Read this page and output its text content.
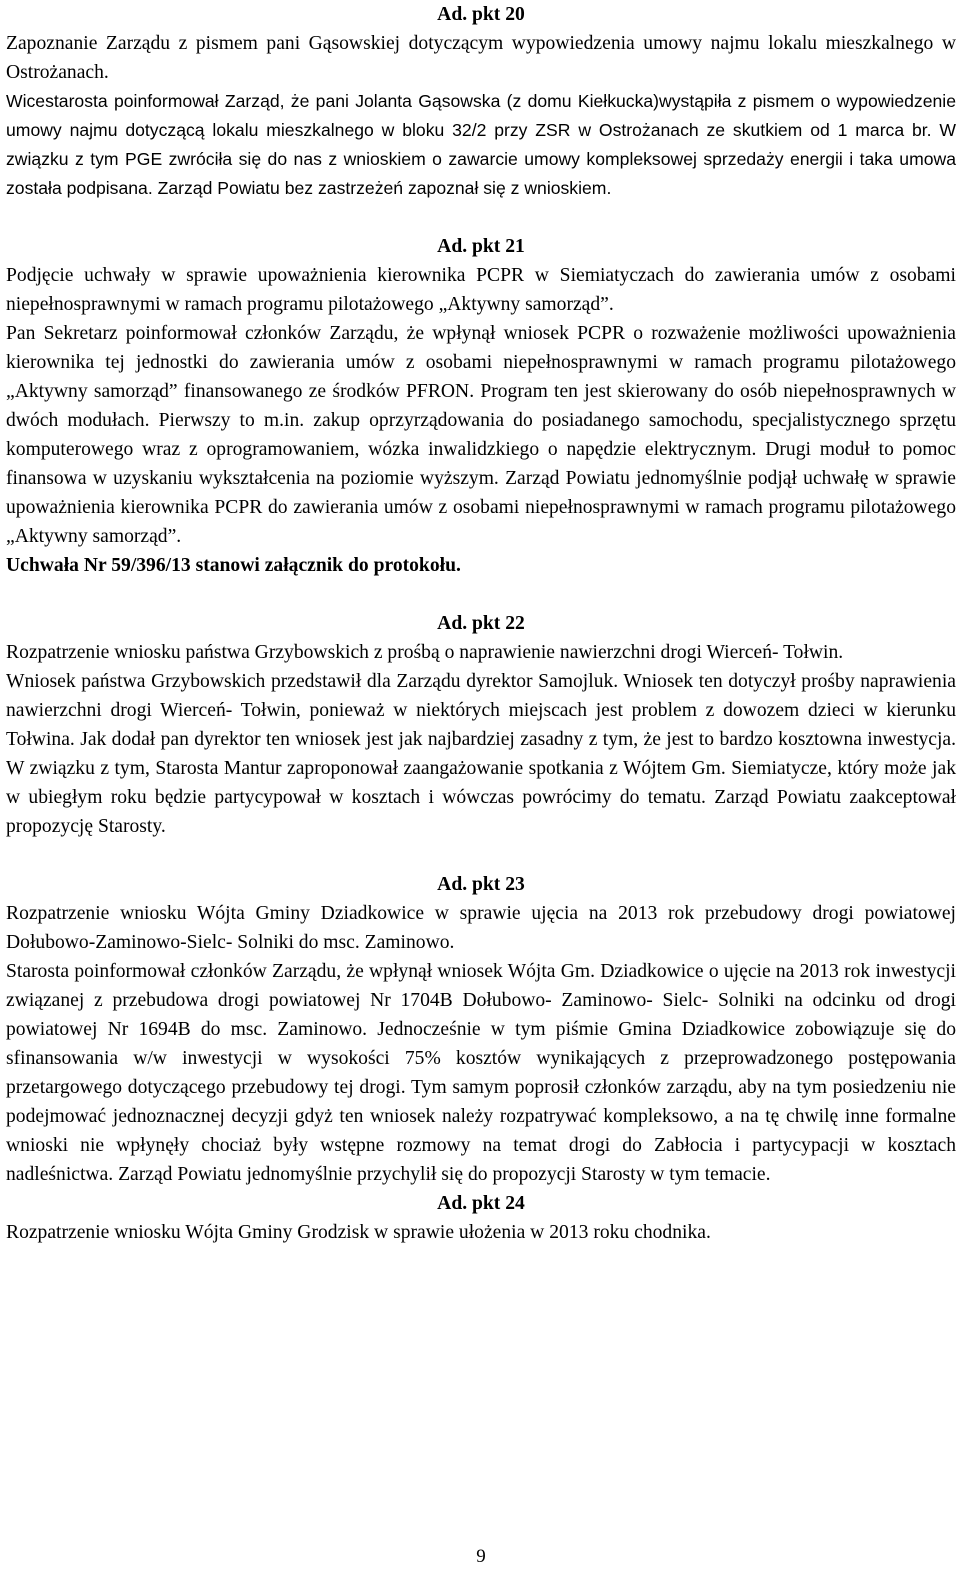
Ad. pkt 20

Zapoznanie Zarządu z pismem pani Gąsowskiej dotyczącym wypowiedzenia umowy najmu lokalu mieszkalnego w Ostrożanach.

Wicestarosta poinformował Zarząd, że pani Jolanta Gąsowska (z domu Kiełkucka)wystąpiła z pismem o wypowiedzenie umowy najmu dotyczącą lokalu mieszkalnego w bloku 32/2 przy ZSR w Ostrożanach ze skutkiem od 1 marca br. W związku z tym PGE zwróciła się do nas z wnioskiem o zawarcie umowy kompleksowej sprzedaży energii i taka umowa została podpisana. Zarząd Powiatu bez zastrzeżeń zapoznał się z wnioskiem.

Ad. pkt 21

Podjęcie uchwały w sprawie upoważnienia kierownika PCPR w Siemiatyczach do zawierania umów z osobami niepełnosprawnymi w ramach programu pilotażowego „Aktywny samorząd”.

Pan Sekretarz poinformował członków Zarządu, że wpłynął wniosek PCPR o rozważenie możliwości upoważnienia kierownika tej jednostki do zawierania umów z osobami niepełnosprawnymi w ramach programu pilotażowego „Aktywny samorząd” finansowanego ze środków PFRON. Program ten jest skierowany do osób niepełnosprawnych w dwóch modułach. Pierwszy to m.in. zakup oprzyrządowania do posiadanego samochodu, specjalistycznego sprzętu komputerowego wraz z oprogramowaniem, wózka inwalidzkiego o napędzie elektrycznym. Drugi moduł to pomoc finansowa w uzyskaniu wykształcenia na poziomie wyższym. Zarząd Powiatu jednomyślnie podjął uchwałę w sprawie upoważnienia kierownika PCPR do zawierania umów z osobami niepełnosprawnymi w ramach programu pilotażowego „Aktywny samorząd”.

Uchwała Nr 59/396/13 stanowi załącznik do protokołu.

Ad. pkt 22

Rozpatrzenie wniosku państwa Grzybowskich z prośbą o naprawienie nawierzchni drogi Wierceń- Tołwin.

Wniosek państwa Grzybowskich przedstawił dla Zarządu dyrektor Samojluk. Wniosek ten dotyczył prośby naprawienia nawierzchni drogi Wierceń- Tołwin, ponieważ w niektórych miejscach jest problem z dowozem dzieci w kierunku Tołwina. Jak dodał pan dyrektor ten wniosek jest jak najbardziej zasadny z tym, że jest to bardzo kosztowna inwestycja. W związku z tym, Starosta Mantur zaproponował zaangażowanie spotkania z Wójtem Gm. Siemiatycze, który może jak w ubiegłym roku będzie partycypował w kosztach i wówczas powrócimy do tematu. Zarząd Powiatu zaakceptował propozycję Starosty.

Ad. pkt 23

Rozpatrzenie wniosku Wójta Gminy Dziadkowice w sprawie ujęcia na 2013 rok przebudowy drogi powiatowej Dołubowo-Zaminowo-Sielc- Solniki do msc. Zaminowo.

Starosta poinformował członków Zarządu, że wpłynął wniosek Wójta Gm. Dziadkowice o ujęcie na 2013 rok inwestycji związanej z przebudowa drogi powiatowej Nr 1704B Dołubowo- Zaminowo- Sielc- Solniki na odcinku od drogi powiatowej Nr 1694B do msc. Zaminowo. Jednocześnie w tym piśmie Gmina Dziadkowice zobowiązuje się do sfinansowania w/w inwestycji w wysokości 75% kosztów wynikających z przeprowadzonego postępowania przetargowego dotyczącego przebudowy tej drogi. Tym samym poprosił członków zarządu, aby na tym posiedzeniu nie podejmować jednoznacznej decyzji gdyż ten wniosek należy rozpatrywać kompleksowo, a na tę chwilę inne formalne wnioski nie wpłynęły chociaż były wstępne rozmowy na temat drogi do Zabłocia i partycypacji w kosztach nadleśnictwa. Zarząd Powiatu jednomyślnie przychylił się do propozycji Starosty w tym temacie.

Ad. pkt 24

Rozpatrzenie wniosku Wójta Gminy Grodzisk w sprawie ułożenia w 2013 roku chodnika.

9
